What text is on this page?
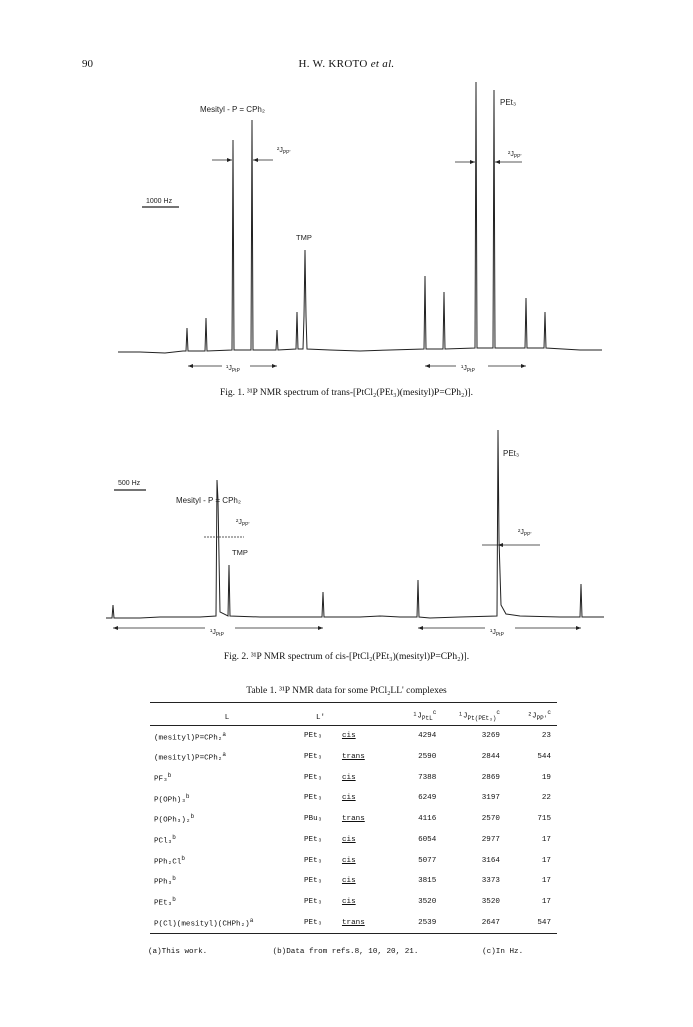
90	H. W. KROTO et al.
1000 Hz
Mesityl - P = CPh₂
PEt₃
TMP
$^2J_{PP'}$	$^2J_{PP'}$
$^1J_{PtP}$	$^1J_{PtP}$
Fig. 1. ³¹P NMR spectrum of trans-[PtCl₂(PEt₃)(mesityl)P=CPh₂)].
500 Hz
Mesityl - P = CPh₂
PEt₃
TMP
$^2J_{PP'}$
$^2J_{PP'}$
$^1J_{PtP}$	$^1J_{PtP}$
Fig. 2. ³¹P NMR spectrum of cis-[PtCl₂(PEt₃)(mesityl)P=CPh₂)].
Table 1. ³¹P NMR data for some PtCl₂LL' complexes
L	L'		$^1J_{PtL}^c$	$^1J_{Pt(PEt_3)}^c$	$^2J_{PP'}^c$
(mesityl)P=CPh₂$^a$	PEt₃	cis	4294	3269	23
(mesityl)P=CPh₂$^a$	PEt₃	trans	2590	2844	544
PF₃$^b$	PEt₃	cis	7388	2869	19
P(OPh)₃$^b$	PEt₃	cis	6249	3197	22
P(OPh₃)₂$^b$	PBu₃	trans	4116	2570	715
PCl₃$^b$	PEt₃	cis	6054	2977	17
PPh₂Cl$^b$	PEt₃	cis	5077	3164	17
PPh₃$^b$	PEt₃	cis	3815	3373	17
PEt₃$^b$	PEt₃	cis	3520	3520	17
P(Cl)(mesityl)(CHPh₂)$^a$	PEt₃	trans	2539	2647	547
(a)This work.	(b)Data from refs.8, 10, 20, 21.	(c)In Hz.
